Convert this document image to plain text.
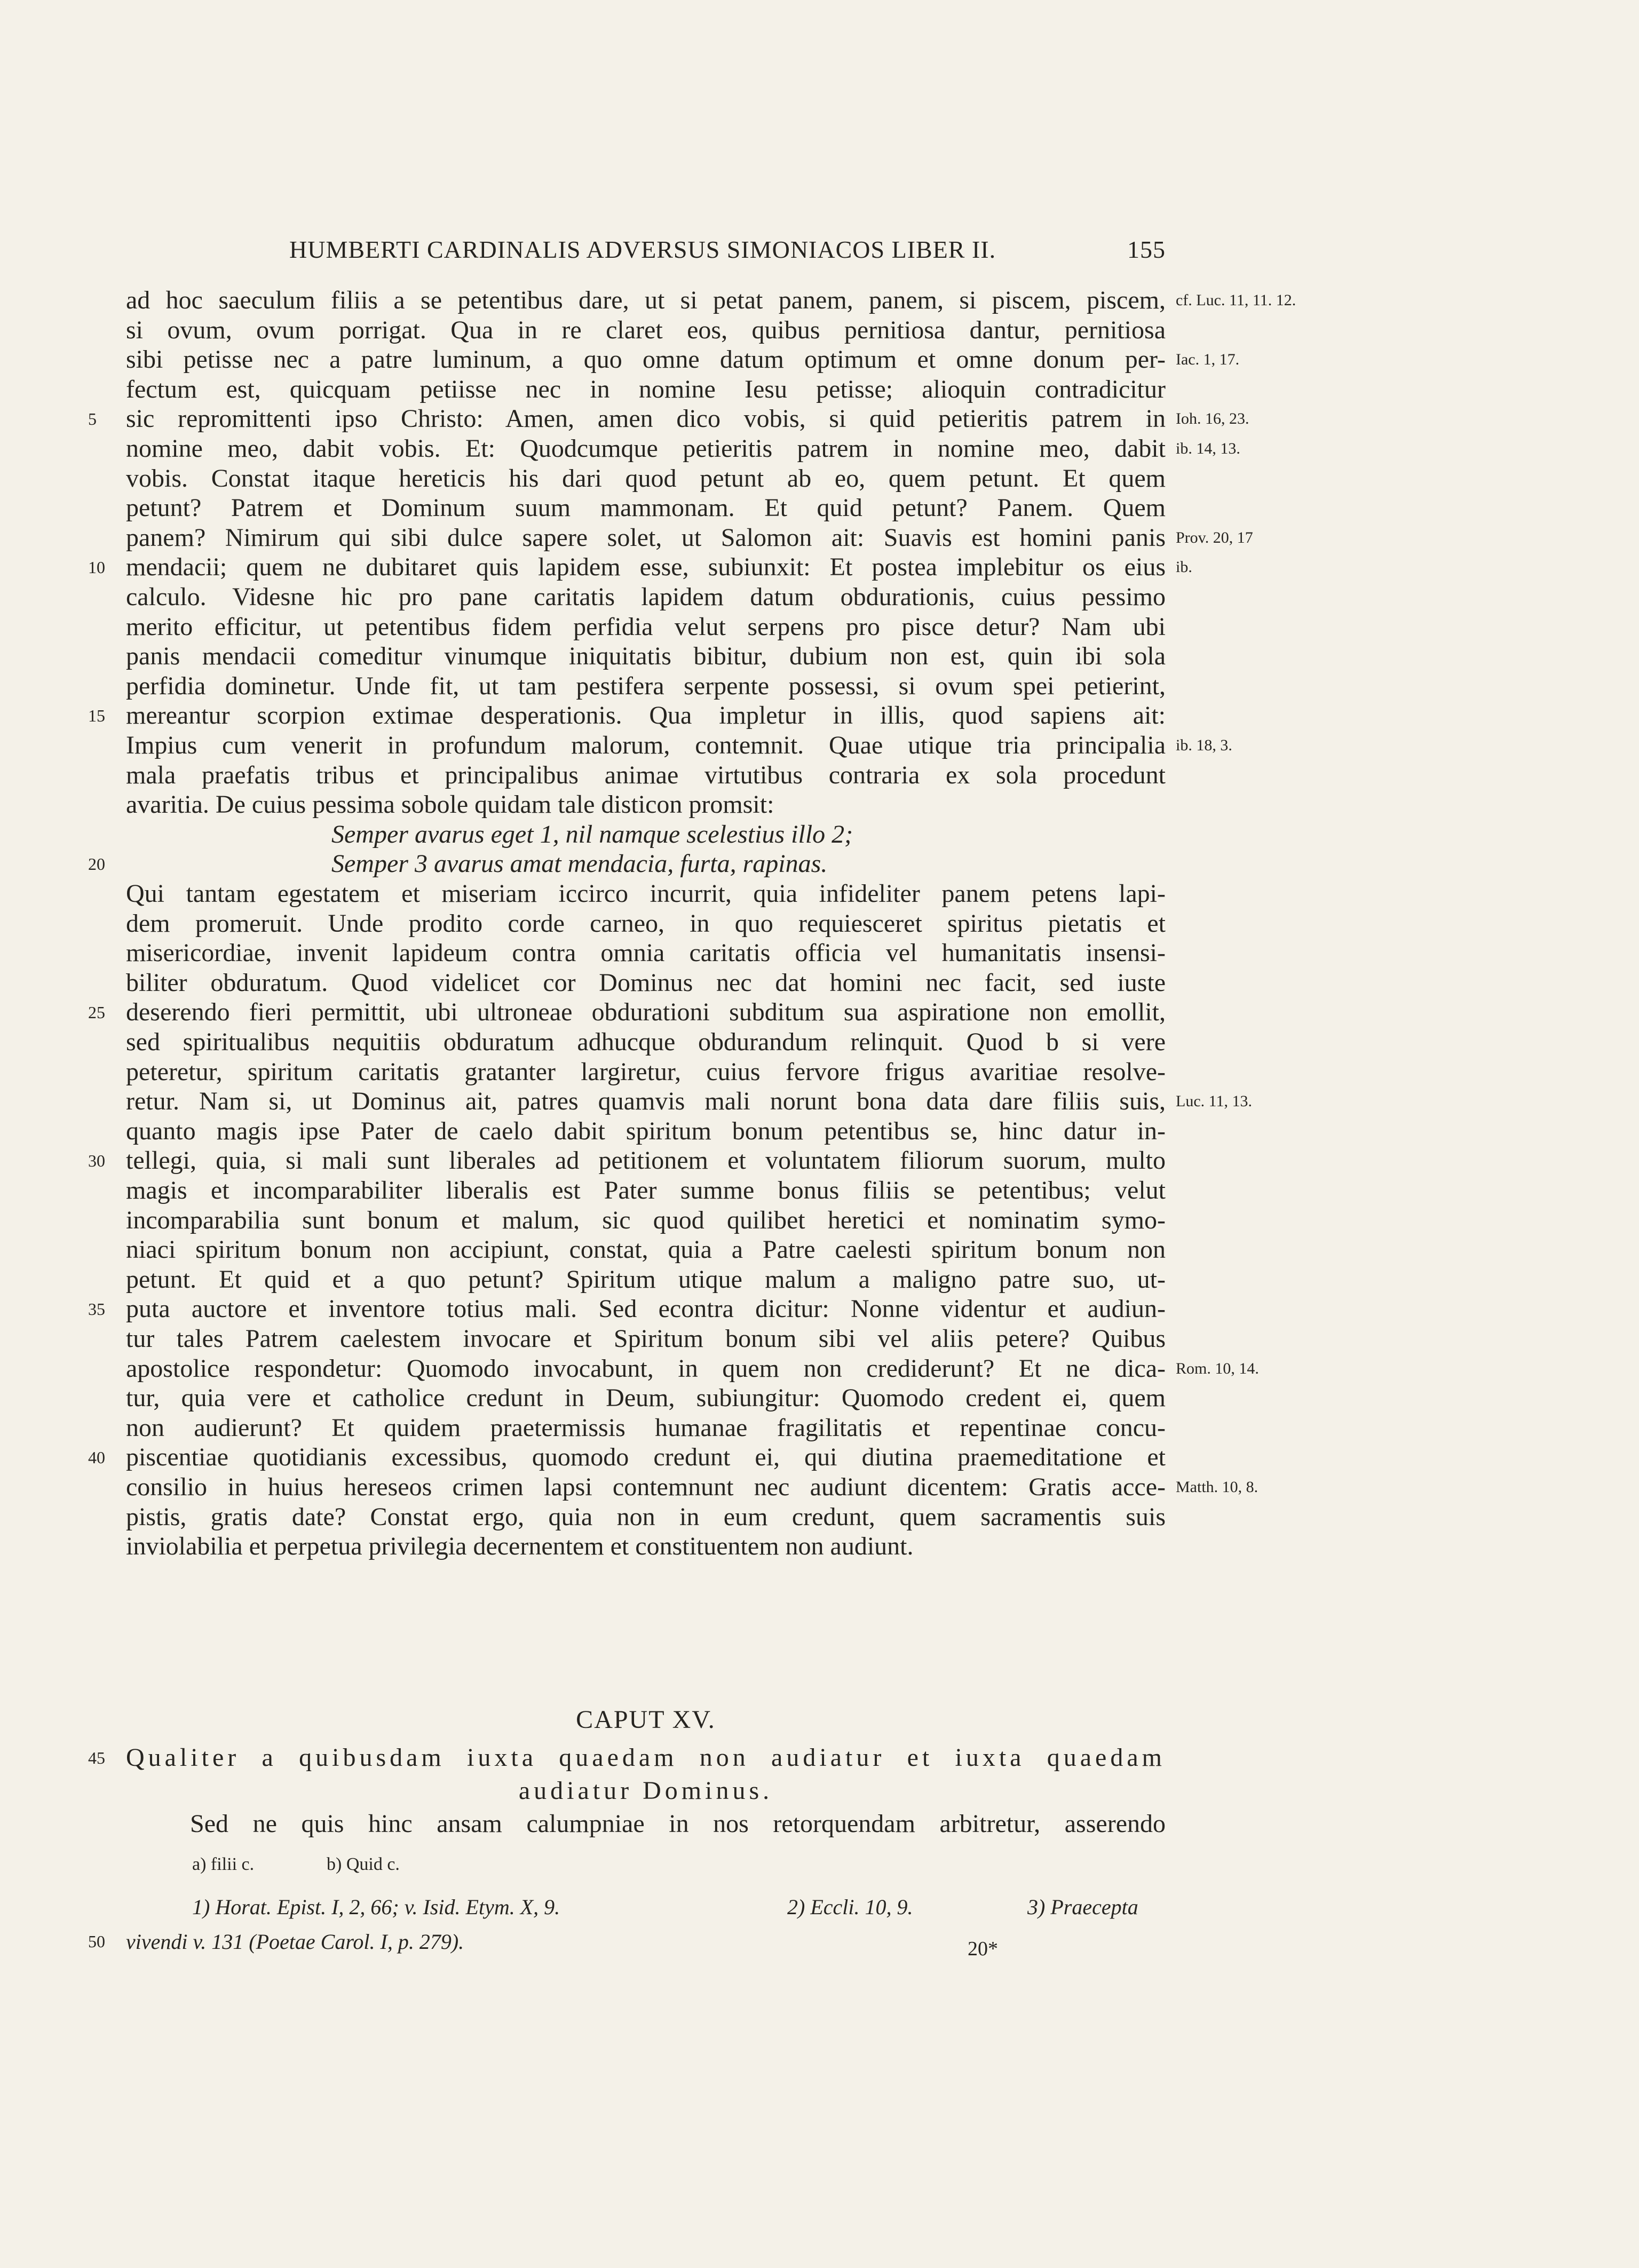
HUMBERTI CARDINALIS ADVERSUS SIMONIACOS LIBER II.	155
ad hoc saeculum filiis a se petentibus dare, ut si petat panem, panem, si piscem, piscem,
si ovum, ovum porrigat. Qua in re claret eos, quibus pernitiosa dantur, pernitiosa
sibi petisse nec a patre luminum, a quo omne datum optimum et omne donum per-
fectum est, quicquam petiisse nec in nomine Iesu petisse; alioquin contradicitur
sic repromittenti ipso Christo: Amen, amen dico vobis, si quid petieritis patrem in
nomine meo, dabit vobis. Et: Quodcumque petieritis patrem in nomine meo, dabit
vobis. Constat itaque hereticis his dari quod petunt ab eo, quem petunt. Et quem
petunt? Patrem et Dominum suum mammonam. Et quid petunt? Panem. Quem
panem? Nimirum qui sibi dulce sapere solet, ut Salomon ait: Suavis est homini panis
mendacii; quem ne dubitaret quis lapidem esse, subiunxit: Et postea implebitur os eius
calculo. Videsne hic pro pane caritatis lapidem datum obdurationis, cuius pessimo
merito efficitur, ut petentibus fidem perfidia velut serpens pro pisce detur? Nam ubi
panis mendacii comeditur vinumque iniquitatis bibitur, dubium non est, quin ibi sola
perfidia dominetur. Unde fit, ut tam pestifera serpente possessi, si ovum spei petierint,
mereantur scorpion extimae desperationis. Qua impletur in illis, quod sapiens ait:
Impius cum venerit in profundum malorum, contemnit. Quae utique tria principalia
mala praefatis tribus et principalibus animae virtutibus contraria ex sola procedunt
avaritia. De cuius pessima sobole quidam tale disticon promsit:
Semper avarus eget 1, nil namque scelestius illo 2;
Semper 3 avarus amat mendacia, furta, rapinas.
Qui tantam egestatem et miseriam iccirco incurrit, quia infideliter panem petens lapi-
dem promeruit. Unde prodito corde carneo, in quo requiesceret spiritus pietatis et
misericordiae, invenit lapideum contra omnia caritatis officia vel humanitatis insensi-
biliter obduratum. Quod videlicet cor Dominus nec dat homini nec facit, sed iuste
deserendo fieri permittit, ubi ultroneae obdurationi subditum sua aspiratione non emollit,
sed spiritualibus nequitiis obduratum adhucque obdurandum relinquit. Quod b si vere
peteretur, spiritum caritatis gratanter largiretur, cuius fervore frigus avaritiae resolve-
retur. Nam si, ut Dominus ait, patres quamvis mali norunt bona data dare filiis suis,
quanto magis ipse Pater de caelo dabit spiritum bonum petentibus se, hinc datur in-
tellegi, quia, si mali sunt liberales ad petitionem et voluntatem filiorum suorum, multo
magis et incomparabiliter liberalis est Pater summe bonus filiis se petentibus; velut
incomparabilia sunt bonum et malum, sic quod quilibet heretici et nominatim symo-
niaci spiritum bonum non accipiunt, constat, quia a Patre caelesti spiritum bonum non
petunt. Et quid et a quo petunt? Spiritum utique malum a maligno patre suo, ut-
puta auctore et inventore totius mali. Sed econtra dicitur: Nonne videntur et audiun-
tur tales Patrem caelestem invocare et Spiritum bonum sibi vel aliis petere? Quibus
apostolice respondetur: Quomodo invocabunt, in quem non crediderunt? Et ne dica-
tur, quia vere et catholice credunt in Deum, subiungitur: Quomodo credent ei, quem
non audierunt? Et quidem praetermissis humanae fragilitatis et repentinae concu-
piscentiae quotidianis excessibus, quomodo credunt ei, qui diutina praemeditatione et
consilio in huius hereseos crimen lapsi contemnunt nec audiunt dicentem: Gratis acce-
pistis, gratis date? Constat ergo, quia non in eum credunt, quem sacramentis suis
inviolabilia et perpetua privilegia decernentem et constituentem non audiunt.
CAPUT XV.
Qualiter a quibusdam iuxta quaedam non audiatur et iuxta quaedam
audiatur Dominus.
Sed ne quis hinc ansam calumpniae in nos retorquendam arbitretur, asserendo
a) filii c.	b) Quid c.
1) Horat. Epist. I, 2, 66; v. Isid. Etym. X, 9.	2) Eccli. 10, 9.	3) Praecepta
vivendi v. 131 (Poetae Carol. I, p. 279).	20*
5
10
15
20
25
30
35
40
45
50
cf. Luc. 11, 11. 12.
Iac. 1, 17.
Ioh. 16, 23.
ib. 14, 13.
Prov. 20, 17
ib.
ib. 18, 3.
Luc. 11, 13.
Rom. 10, 14.
Matth. 10, 8.
